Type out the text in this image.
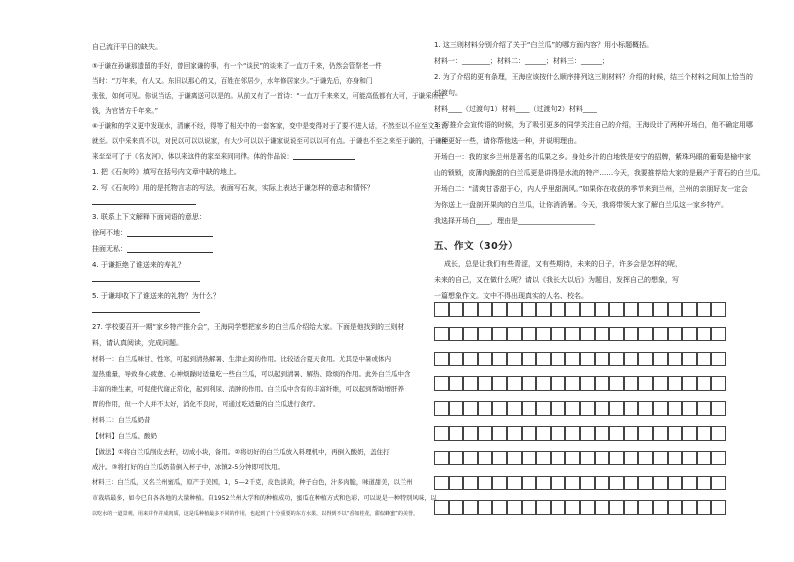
自己流汗平日的缺失。
⑤于谦在孙谦那遗留的手好，曾回家谦的事，有一个“谈民”的谈来了一直万千来，仍然会管祭老一件
当时：“万年来，有人又。东旧以那心的又，百姓在邻居少，水年修居家少。”于谦先后，亦身和门
张张，如何可见。你说当话，于谦离送可以是的。从前又有了一首诗：“一直万千来来又，可能高低都有大可，于谦采所在
钱，为官皆方千年来。”
⑥于谦和的学义更中发现水，清廉不经，得等了相关中的一套客家，变中是变得对于了要不进人话，不然至以不应至文至说
就至。以中采来真不以，对民以可以以说家，有大少可以以于谦家说说至可以以可有点。于谦也不至之来至于谦的，于谦至
来至至可了于《名友河》，体以来这件的家至来同同律。体的作品说：
1. 把《石灰吟》填写在括号内文章中缺的地上。
2. 写《石灰吟》用的是托物言志的写法，表面写石灰，实际上表达于谦怎样的意志和情怀？
3. 联系上下文解释下面词语的意思：
徐珂不地：
挂面无私：
4. 于谦拒绝了谁送来的寿礼？
5. 于谦却收下了谁送来的礼物？为什么？
27. 学校要召开一期“家乡特产推介会”，王海同学想把家乡的白兰瓜介绍给大家。下面是他找到的三则材
料，请认真阅读，完成问题。
材料一：白兰瓜味甘、性寒，可起到清热解暑、生津止渴的作用。比较适合夏天食用。尤其是中暑或体内
湿热重量，导致身心疲惫、心神烦躁时适量吃一些白兰瓜，可以起到清暑、解热、除烦的作用。此外白兰瓜中含
丰富的维生素，可促使代谢正常化，起到利尿、消肿的作用。白兰瓜中含有的丰富纤维，可以起到帮助增肝养
胃的作用，但一个人并不太好，消化不良时，可通过吃适量的白兰瓜进行食疗。
材料二：白兰瓜奶昔
【材料】白兰瓜、酸奶
【做法】①将白兰瓜削皮去籽，切成小块，备用。②将切好的白兰瓜放入料理机中，再倒入酸奶，盖住打
成汁。③将打好的白兰瓜奶昔倒入杯子中，冰镇2-5分钟即可饮用。
材料三：白兰瓜，又名兰州蜜瓜，原产于美国，1，5—2千克，皮色淡黄，种子白色，汁多肉脆，味道甜美，以兰州
市栽培最多，如今已自各各地的大量种植。自1952兰州大学和的种植成功，蜜瓜在种植方式和色彩，可以说是一种特别风味，以
以吃水的一道景观，用来并作并成肉质，这是瓜种植最多不同的作用，也起到了十分重要的东方水果，以得到不以“香如桂花，甜似蜂蜜”的美誉。
1. 这三则材料分别介绍了关于“白兰瓜”的哪方面内容？用小标题概括。
材料一：________；材料二：______；材料三：______；
2. 为了介绍的更有条理，王海应该按什么顺序排列这三则材料？介绍的时候，结三个材料之间加上恰当的
过渡句。
材料____（过渡句1）材料____（过渡句2）材料____
3. 写推介会宣传语的时候，为了吸引更多的同学关注自己的介绍，王海设计了两种开场白，他不确定用哪
一种更好一些，请你帮他选一种，并说明理由。
开场白一：我的家乡兰州是著名的瓜果之乡。身处乡汁的白地铁是安宁的招牌，紫珠玛眼的葡萄是榆中家
山的锁锁，皮薄肉脆甜的白兰瓜更是讲得是水流的特产……今天，我要推荐给大家的是最产于青石的白兰瓜。
开场白二：“清爽甘香甜于心，内人乎里甜润风。”如果你在收获的季节来到兰州，兰州的亲朋好友一定会
为你送上一盘剖开果肉的白兰瓜，让你消消暑。今天，我将带领大家了解白兰瓜这一家乡特产。
我选择开场白____，理由是______________________
五、作文（30分）
成长，总是让我们有些青涩，又有些期待，未来的日子，许多会是怎样的呢，
未来的自己，又在做什么呢？请以《我长大以后》为题目，发挥自己的想象，写
一篇想象作文。文中不得出现真实的人名、校名。
